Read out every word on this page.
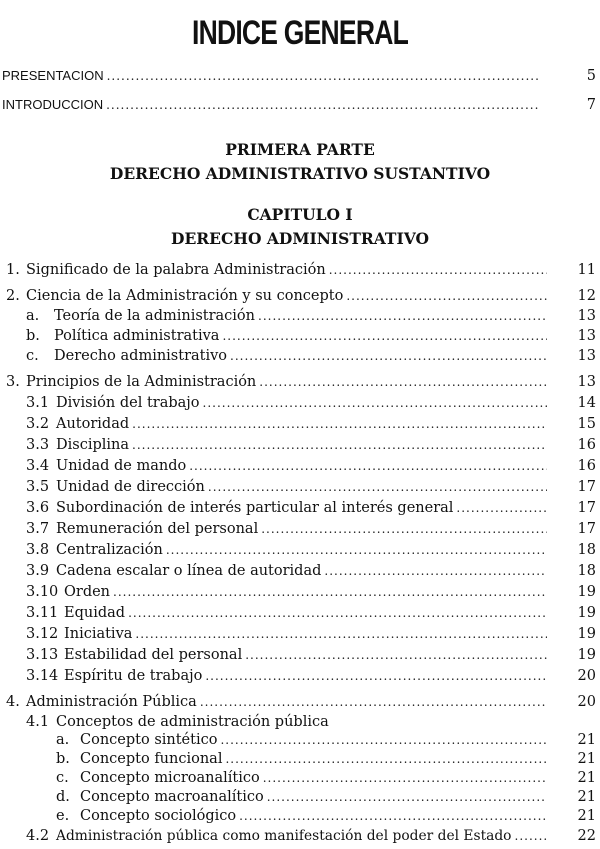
INDICE GENERAL
PRESENTACION .....	5
INTRODUCCION .....	7
PRIMERA PARTE
DERECHO ADMINISTRATIVO SUSTANTIVO
CAPITULO I
DERECHO ADMINISTRATIVO
1. Significado de la palabra Administración .....	11
2. Ciencia de la Administración y su concepto .....	12
a.	Teoría de la administración .....	13
b. Política administrativa .....	13
c.	Derecho administrativo .....	13
3. Principios de la Administración .....	13
3.1 División del trabajo .....	14
3.2 Autoridad .....	15
3.3 Disciplina .....	16
3.4 Unidad de mando .....	16
3.5 Unidad de dirección .....	17
3.6 Subordinación de interés particular al interés general .....	17
3.7 Remuneración del personal .....	17
3.8 Centralización .....	18
3.9 Cadena escalar o línea de autoridad .....	18
3.10 Orden .....	19
3.11 Equidad .....	19
3.12 Iniciativa .....	19
3.13 Estabilidad del personal .....	19
3.14 Espíritu de trabajo .....	20
4. Administración Pública .....	20
4.1 Conceptos de administración pública
a. Concepto sintético .....	21
b. Concepto funcional .....	21
c. Concepto microanalítico .....	21
d. Concepto macroanalítico .....	21
e. Concepto sociológico .....	21
4.2 Administración pública como manifestación del poder del Estado .....	22
